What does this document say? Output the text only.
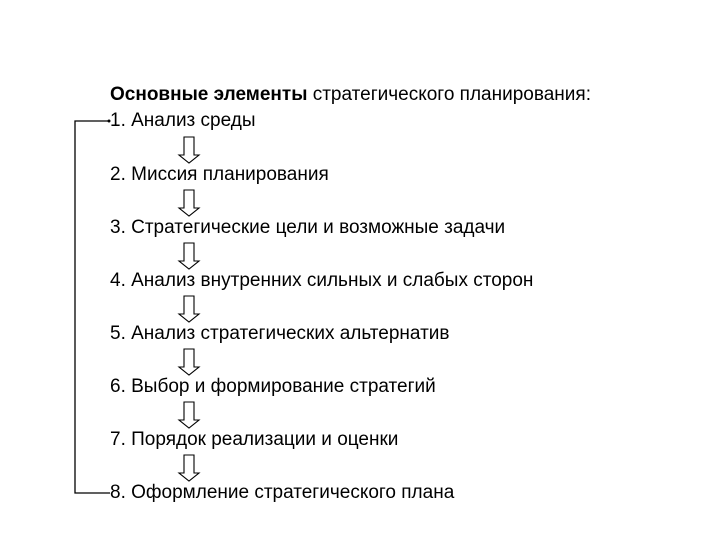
Основные элементы стратегического планирования:
1. Анализ среды
2. Миссия планирования
3. Стратегические цели и возможные задачи
4. Анализ внутренних сильных и слабых сторон
5. Анализ стратегических альтернатив
6. Выбор и формирование стратегий
7. Порядок реализации и оценки
8. Оформление стратегического плана
